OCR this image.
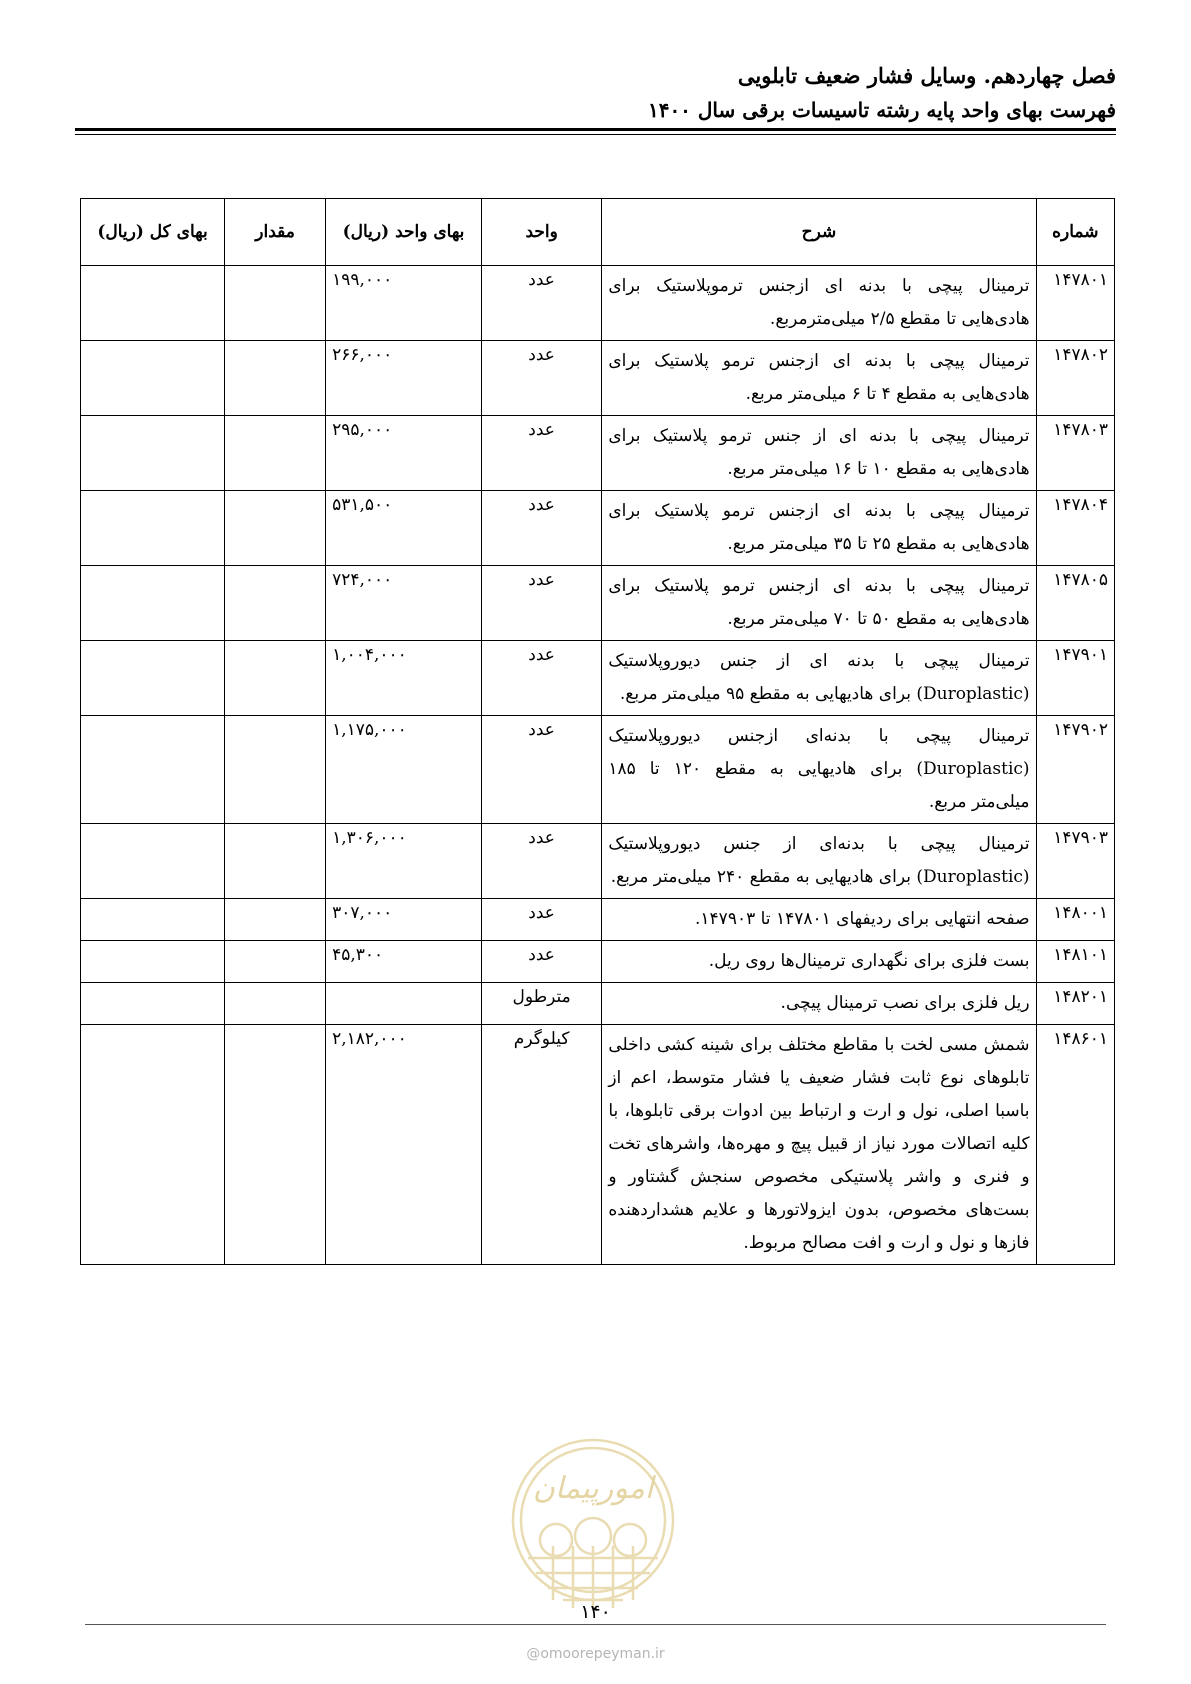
فصل چهاردهم. وسایل فشار ضعیف تابلویی
فهرست بهای واحد پایه رشته تاسیسات برقی سال ۱۴۰۰
شماره	شرح	واحد	بهای واحد (ریال)	مقدار	بهای کل (ریال)
۱۴۷۸۰۱	ترمینال پیچی با بدنه ای ازجنس ترموپلاستیک برای هادی‌هایی تا مقطع ۲/۵ میلی‌مترمربع.	عدد	۱۹۹,۰۰۰		
۱۴۷۸۰۲	ترمینال پیچی با بدنه ای ازجنس ترمو پلاستیک برای هادی‌هایی به مقطع ۴ تا ۶ میلی‌متر مربع.	عدد	۲۶۶,۰۰۰		
۱۴۷۸۰۳	ترمینال پیچی با بدنه ای از جنس ترمو پلاستیک برای هادی‌هایی به مقطع ۱۰ تا ۱۶ میلی‌متر مربع.	عدد	۲۹۵,۰۰۰		
۱۴۷۸۰۴	ترمینال پیچی با بدنه ای ازجنس ترمو پلاستیک برای هادی‌هایی به مقطع ۲۵ تا ۳۵ میلی‌متر مربع.	عدد	۵۳۱,۵۰۰		
۱۴۷۸۰۵	ترمینال پیچی با بدنه ای ازجنس ترمو پلاستیک برای هادی‌هایی به مقطع ۵۰ تا ۷۰ میلی‌متر مربع.	عدد	۷۲۴,۰۰۰		
۱۴۷۹۰۱	ترمینال پیچی با بدنه ای از جنس دیوروپلاستیک (Duroplastic) برای هادیهایی به مقطع ۹۵ میلی‌متر مربع.	عدد	۱,۰۰۴,۰۰۰		
۱۴۷۹۰۲	ترمینال پیچی با بدنه‌ای ازجنس دیوروپلاستیک (Duroplastic) برای هادیهایی به مقطع ۱۲۰ تا ۱۸۵ میلی‌متر مربع.	عدد	۱,۱۷۵,۰۰۰		
۱۴۷۹۰۳	ترمینال پیچی با بدنه‌ای از جنس دیوروپلاستیک (Duroplastic) برای هادیهایی به مقطع ۲۴۰ میلی‌متر مربع.	عدد	۱,۳۰۶,۰۰۰		
۱۴۸۰۰۱	صفحه انتهایی برای ردیفهای ۱۴۷۸۰۱ تا ۱۴۷۹۰۳.	عدد	۳۰۷,۰۰۰		
۱۴۸۱۰۱	بست فلزی برای نگهداری ترمینال‌ها روی ریل.	عدد	۴۵,۳۰۰		
۱۴۸۲۰۱	ریل فلزی برای نصب ترمینال پیچی.	مترطول			
۱۴۸۶۰۱	شمش مسی لخت با مقاطع مختلف برای شینه کشی داخلی تابلوهای نوع ثابت فشار ضعیف یا فشار متوسط، اعم از باسبا اصلی، نول و ارت و ارتباط بین ادوات برقی تابلوها، با کلیه اتصالات مورد نیاز از قبیل پیچ و مهره‌ها، واشرهای تخت و فنری و واشر پلاستیکی مخصوص سنجش گشتاور و بست‌های مخصوص، بدون ایزولاتورها و علایم هشداردهنده فازها و نول و ارت و افت مصالح مربوط.	کیلوگرم	۲,۱۸۲,۰۰۰		
امورپیمان
۱۴۰
@omoorepeyman.ir
